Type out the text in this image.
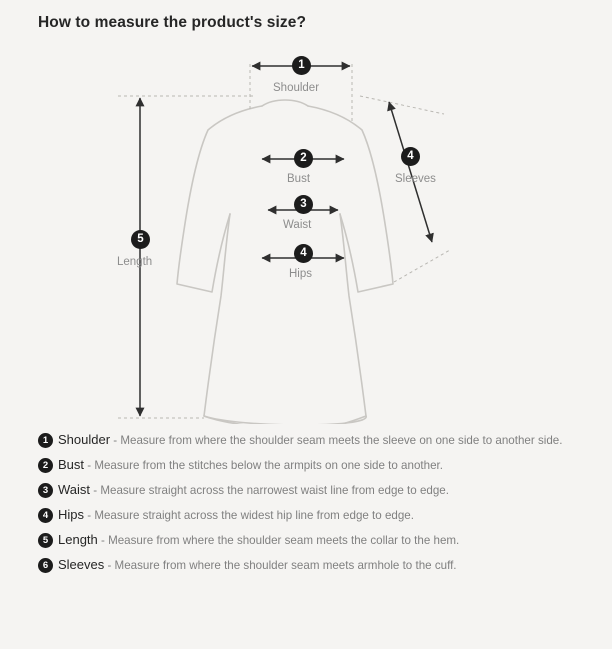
How to measure the product's size?
1
Shoulder
2
Bust
3
Waist
4
Hips
4
Sleeves
5
Length
1 Shoulder - Measure from where the shoulder seam meets the sleeve on one side to another side.
2 Bust - Measure from the stitches below the armpits on one side to another.
3 Waist - Measure straight across the narrowest waist line from edge to edge.
4 Hips - Measure straight across the widest hip line from edge to edge.
5 Length - Measure from where the shoulder seam meets the collar to the hem.
6 Sleeves - Measure from where the shoulder seam meets armhole to the cuff.
